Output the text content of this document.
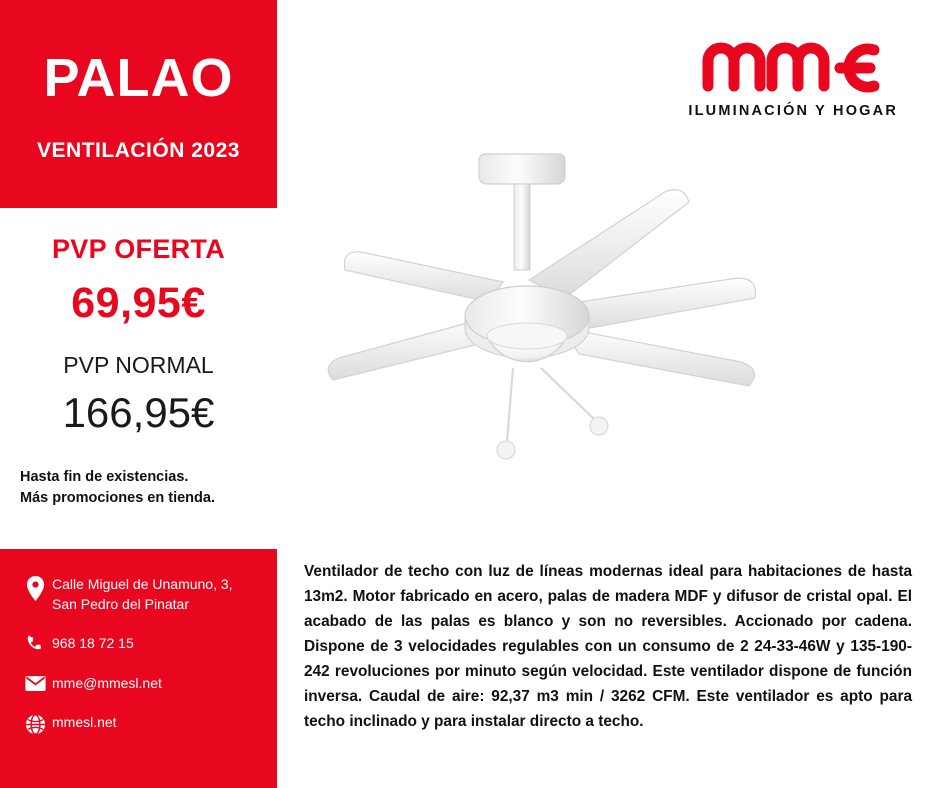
PALAO
VENTILACIÓN 2023
PVP OFERTA
69,95€
PVP NORMAL
166,95€
Hasta fin de existencias.
Más promociones en tienda.
Calle Miguel de Unamuno, 3, San Pedro del Pinatar
968 18 72 15
mme@mmesl.net
mmesl.net
ILUMINACIÓN Y HOGAR
Ventilador de techo con luz de líneas modernas ideal para habitaciones de hasta 13m2. Motor fabricado en acero, palas de madera MDF y difusor de cristal opal. El acabado de las palas es blanco y son no reversibles. Accionado por cadena. Dispone de 3 velocidades regulables con un consumo de 2 24-33-46W y 135-190-242 revoluciones por minuto según velocidad. Este ventilador dispone de función inversa. Caudal de aire: 92,37 m3 min / 3262 CFM. Este ventilador es apto para techo inclinado y para instalar directo a techo.
